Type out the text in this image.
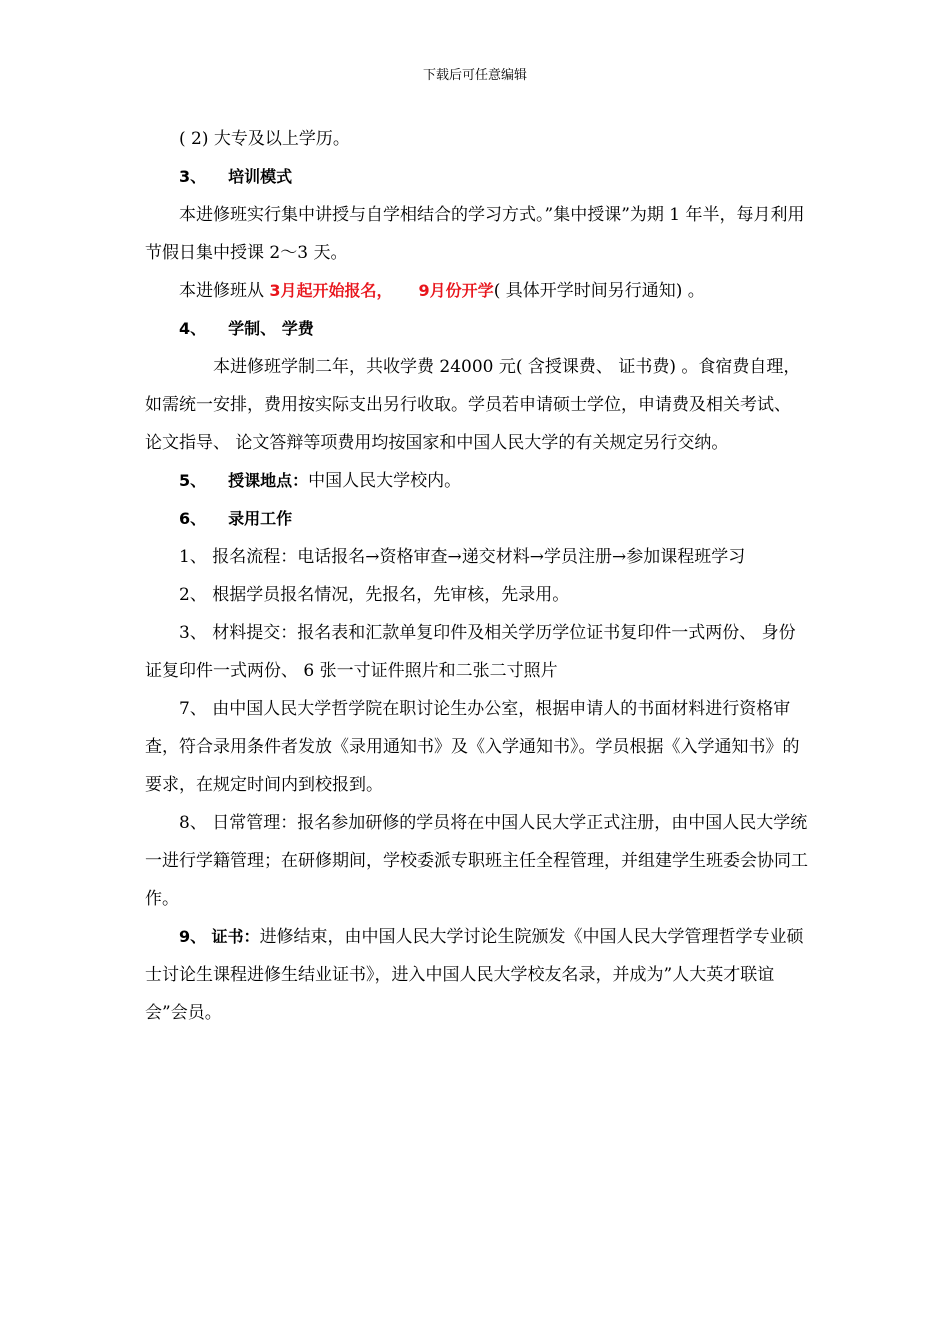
下载后可任意编辑

( 2) 大专及以上学历。

3、 培训模式

本进修班实行集中讲授与自学相结合的学习方式。”集中授课”为期 1 年半，每月利用节假日集中授课 2～3 天。

本进修班从 3月起开始报名， 9月份开学( 具体开学时间另行通知) 。

4、 学制、 学费

本进修班学制二年，共收学费 24000 元( 含授课费、 证书费) 。食宿费自理，如需统一安排，费用按实际支出另行收取。学员若申请硕士学位，申请费及相关考试、 论文指导、 论文答辩等项费用均按国家和中国人民大学的有关规定另行交纳。

5、 授课地点：中国人民大学校内。

6、 录用工作

1、 报名流程：电话报名→资格审查→递交材料→学员注册→参加课程班学习

2、 根据学员报名情况，先报名，先审核，先录用。

3、 材料提交：报名表和汇款单复印件及相关学历学位证书复印件一式两份、 身份证复印件一式两份、 6 张一寸证件照片和二张二寸照片

7、 由中国人民大学哲学院在职讨论生办公室，根据申请人的书面材料进行资格审查，符合录用条件者发放《录用通知书》及《入学通知书》。学员根据《入学通知书》的要求，在规定时间内到校报到。

8、 日常管理：报名参加研修的学员将在中国人民大学正式注册，由中国人民大学统一进行学籍管理；在研修期间，学校委派专职班主任全程管理，并组建学生班委会协同工作。

9、 证书：进修结束，由中国人民大学讨论生院颁发《中国人民大学管理哲学专业硕士讨论生课程进修生结业证书》，进入中国人民大学校友名录，并成为”人大英才联谊会”会员。
